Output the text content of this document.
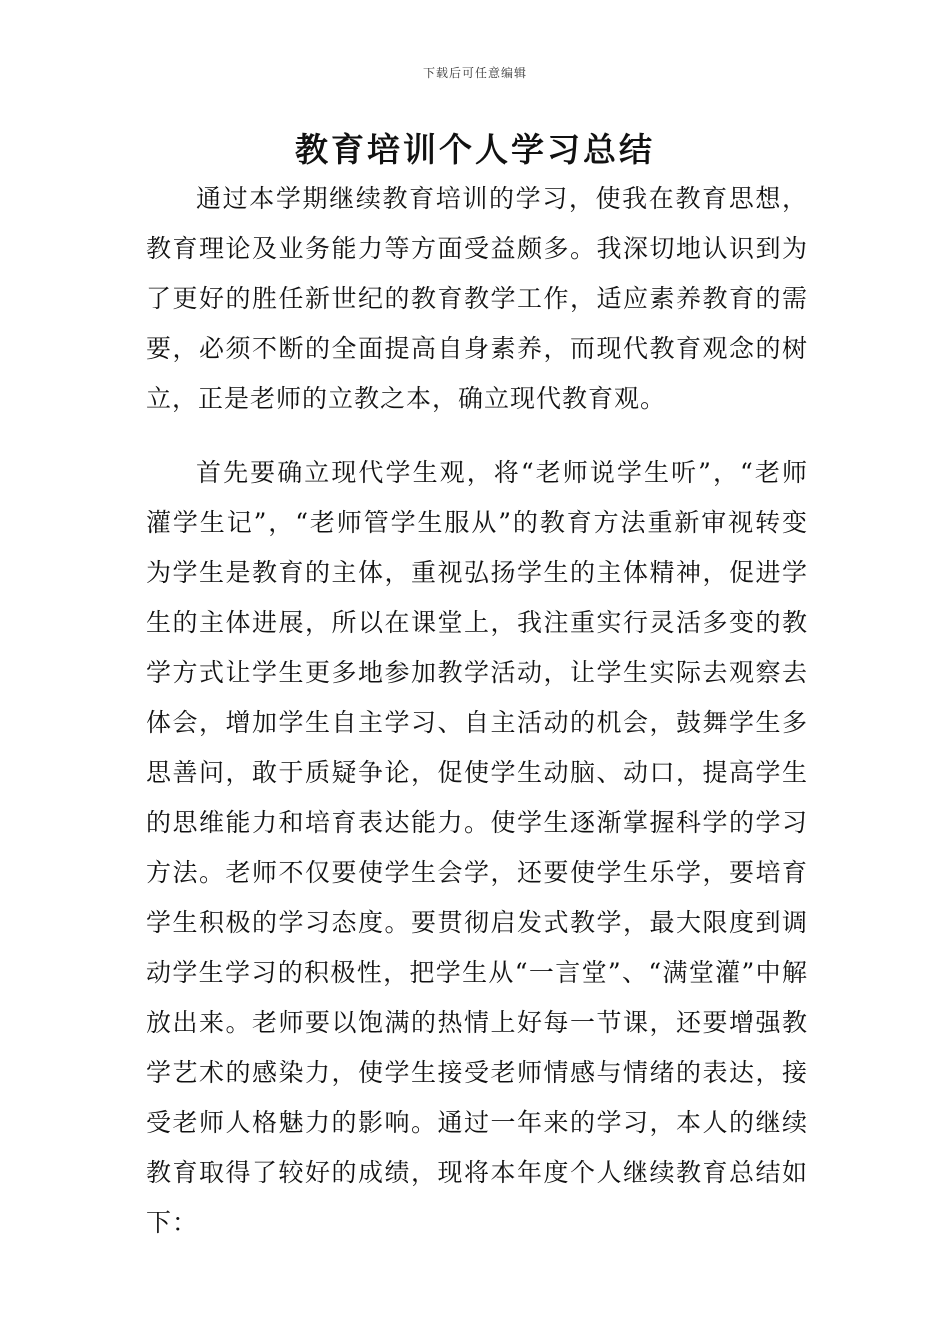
下载后可任意编辑
教育培训个人学习总结

通过本学期继续教育培训的学习，使我在教育思想，教育理论及业务能力等方面受益颇多。我深切地认识到为了更好的胜任新世纪的教育教学工作，适应素养教育的需要，必须不断的全面提高自身素养，而现代教育观念的树立，正是老师的立教之本，确立现代教育观。

首先要确立现代学生观，将“老师说学生听”，“老师灌学生记”，“老师管学生服从”的教育方法重新审视转变为学生是教育的主体，重视弘扬学生的主体精神，促进学生的主体进展，所以在课堂上，我注重实行灵活多变的教学方式让学生更多地参加教学活动，让学生实际去观察去体会，增加学生自主学习、自主活动的机会，鼓舞学生多思善问，敢于质疑争论，促使学生动脑、动口，提高学生的思维能力和培育表达能力。使学生逐渐掌握科学的学习方法。老师不仅要使学生会学，还要使学生乐学，要培育学生积极的学习态度。要贯彻启发式教学，最大限度到调动学生学习的积极性，把学生从“一言堂”、“满堂灌”中解放出来。老师要以饱满的热情上好每一节课，还要增强教学艺术的感染力，使学生接受老师情感与情绪的表达，接受老师人格魅力的影响。通过一年来的学习，本人的继续教育取得了较好的成绩，现将本年度个人继续教育总结如下：
